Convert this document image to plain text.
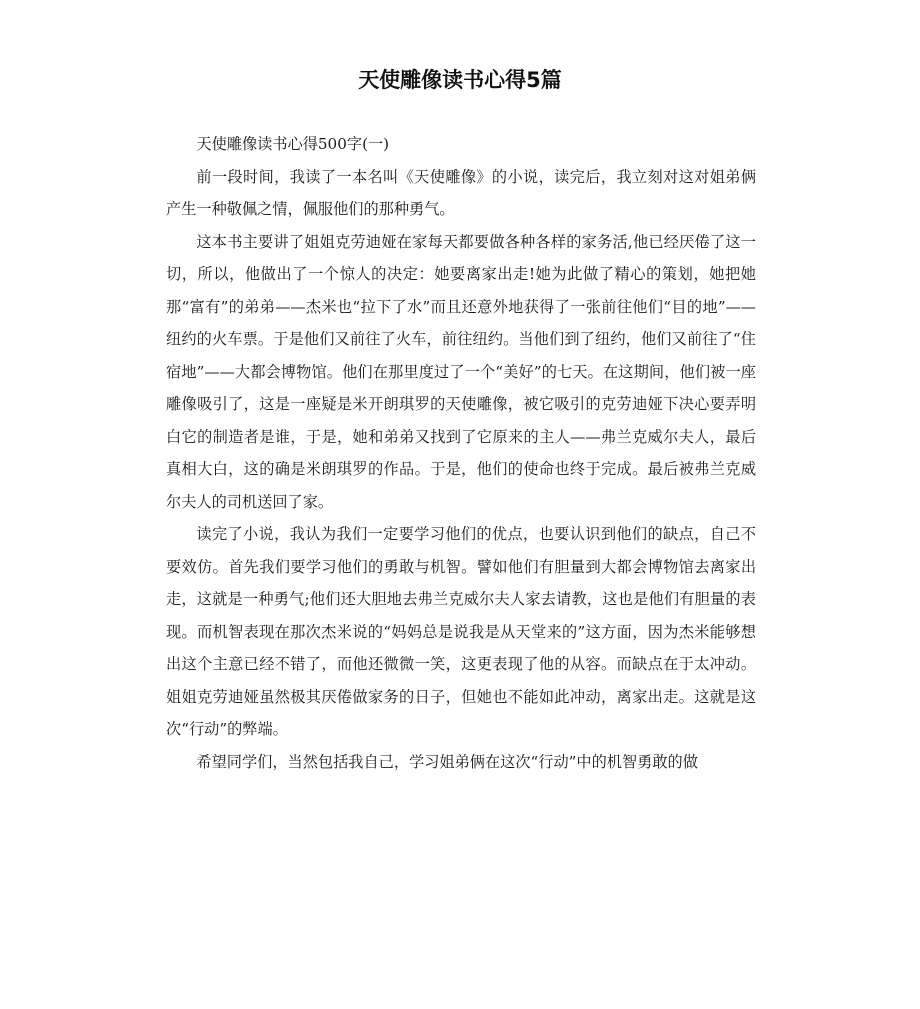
天使雕像读书心得5篇

天使雕像读书心得500字(一)

前一段时间，我读了一本名叫《天使雕像》的小说，读完后，我立刻对这对姐弟俩产生一种敬佩之情，佩服他们的那种勇气。

这本书主要讲了姐姐克劳迪娅在家每天都要做各种各样的家务活,他已经厌倦了这一切，所以，他做出了一个惊人的决定：她要离家出走!她为此做了精心的策划，她把她那“富有”的弟弟——杰米也“拉下了水”而且还意外地获得了一张前往他们“目的地”——纽约的火车票。于是他们又前往了火车，前往纽约。当他们到了纽约，他们又前往了“住宿地”——大都会博物馆。他们在那里度过了一个“美好”的七天。在这期间，他们被一座雕像吸引了，这是一座疑是米开朗琪罗的天使雕像，被它吸引的克劳迪娅下决心要弄明白它的制造者是谁，于是，她和弟弟又找到了它原来的主人——弗兰克威尔夫人，最后真相大白，这的确是米朗琪罗的作品。于是，他们的使命也终于完成。最后被弗兰克威尔夫人的司机送回了家。

读完了小说，我认为我们一定要学习他们的优点，也要认识到他们的缺点，自己不要效仿。首先我们要学习他们的勇敢与机智。譬如他们有胆量到大都会博物馆去离家出走，这就是一种勇气;他们还大胆地去弗兰克威尔夫人家去请教，这也是他们有胆量的表现。而机智表现在那次杰米说的“妈妈总是说我是从天堂来的”这方面，因为杰米能够想出这个主意已经不错了，而他还微微一笑，这更表现了他的从容。而缺点在于太冲动。姐姐克劳迪娅虽然极其厌倦做家务的日子，但她也不能如此冲动，离家出走。这就是这次“行动”的弊端。

希望同学们，当然包括我自己，学习姐弟俩在这次“行动”中的机智勇敢的做
